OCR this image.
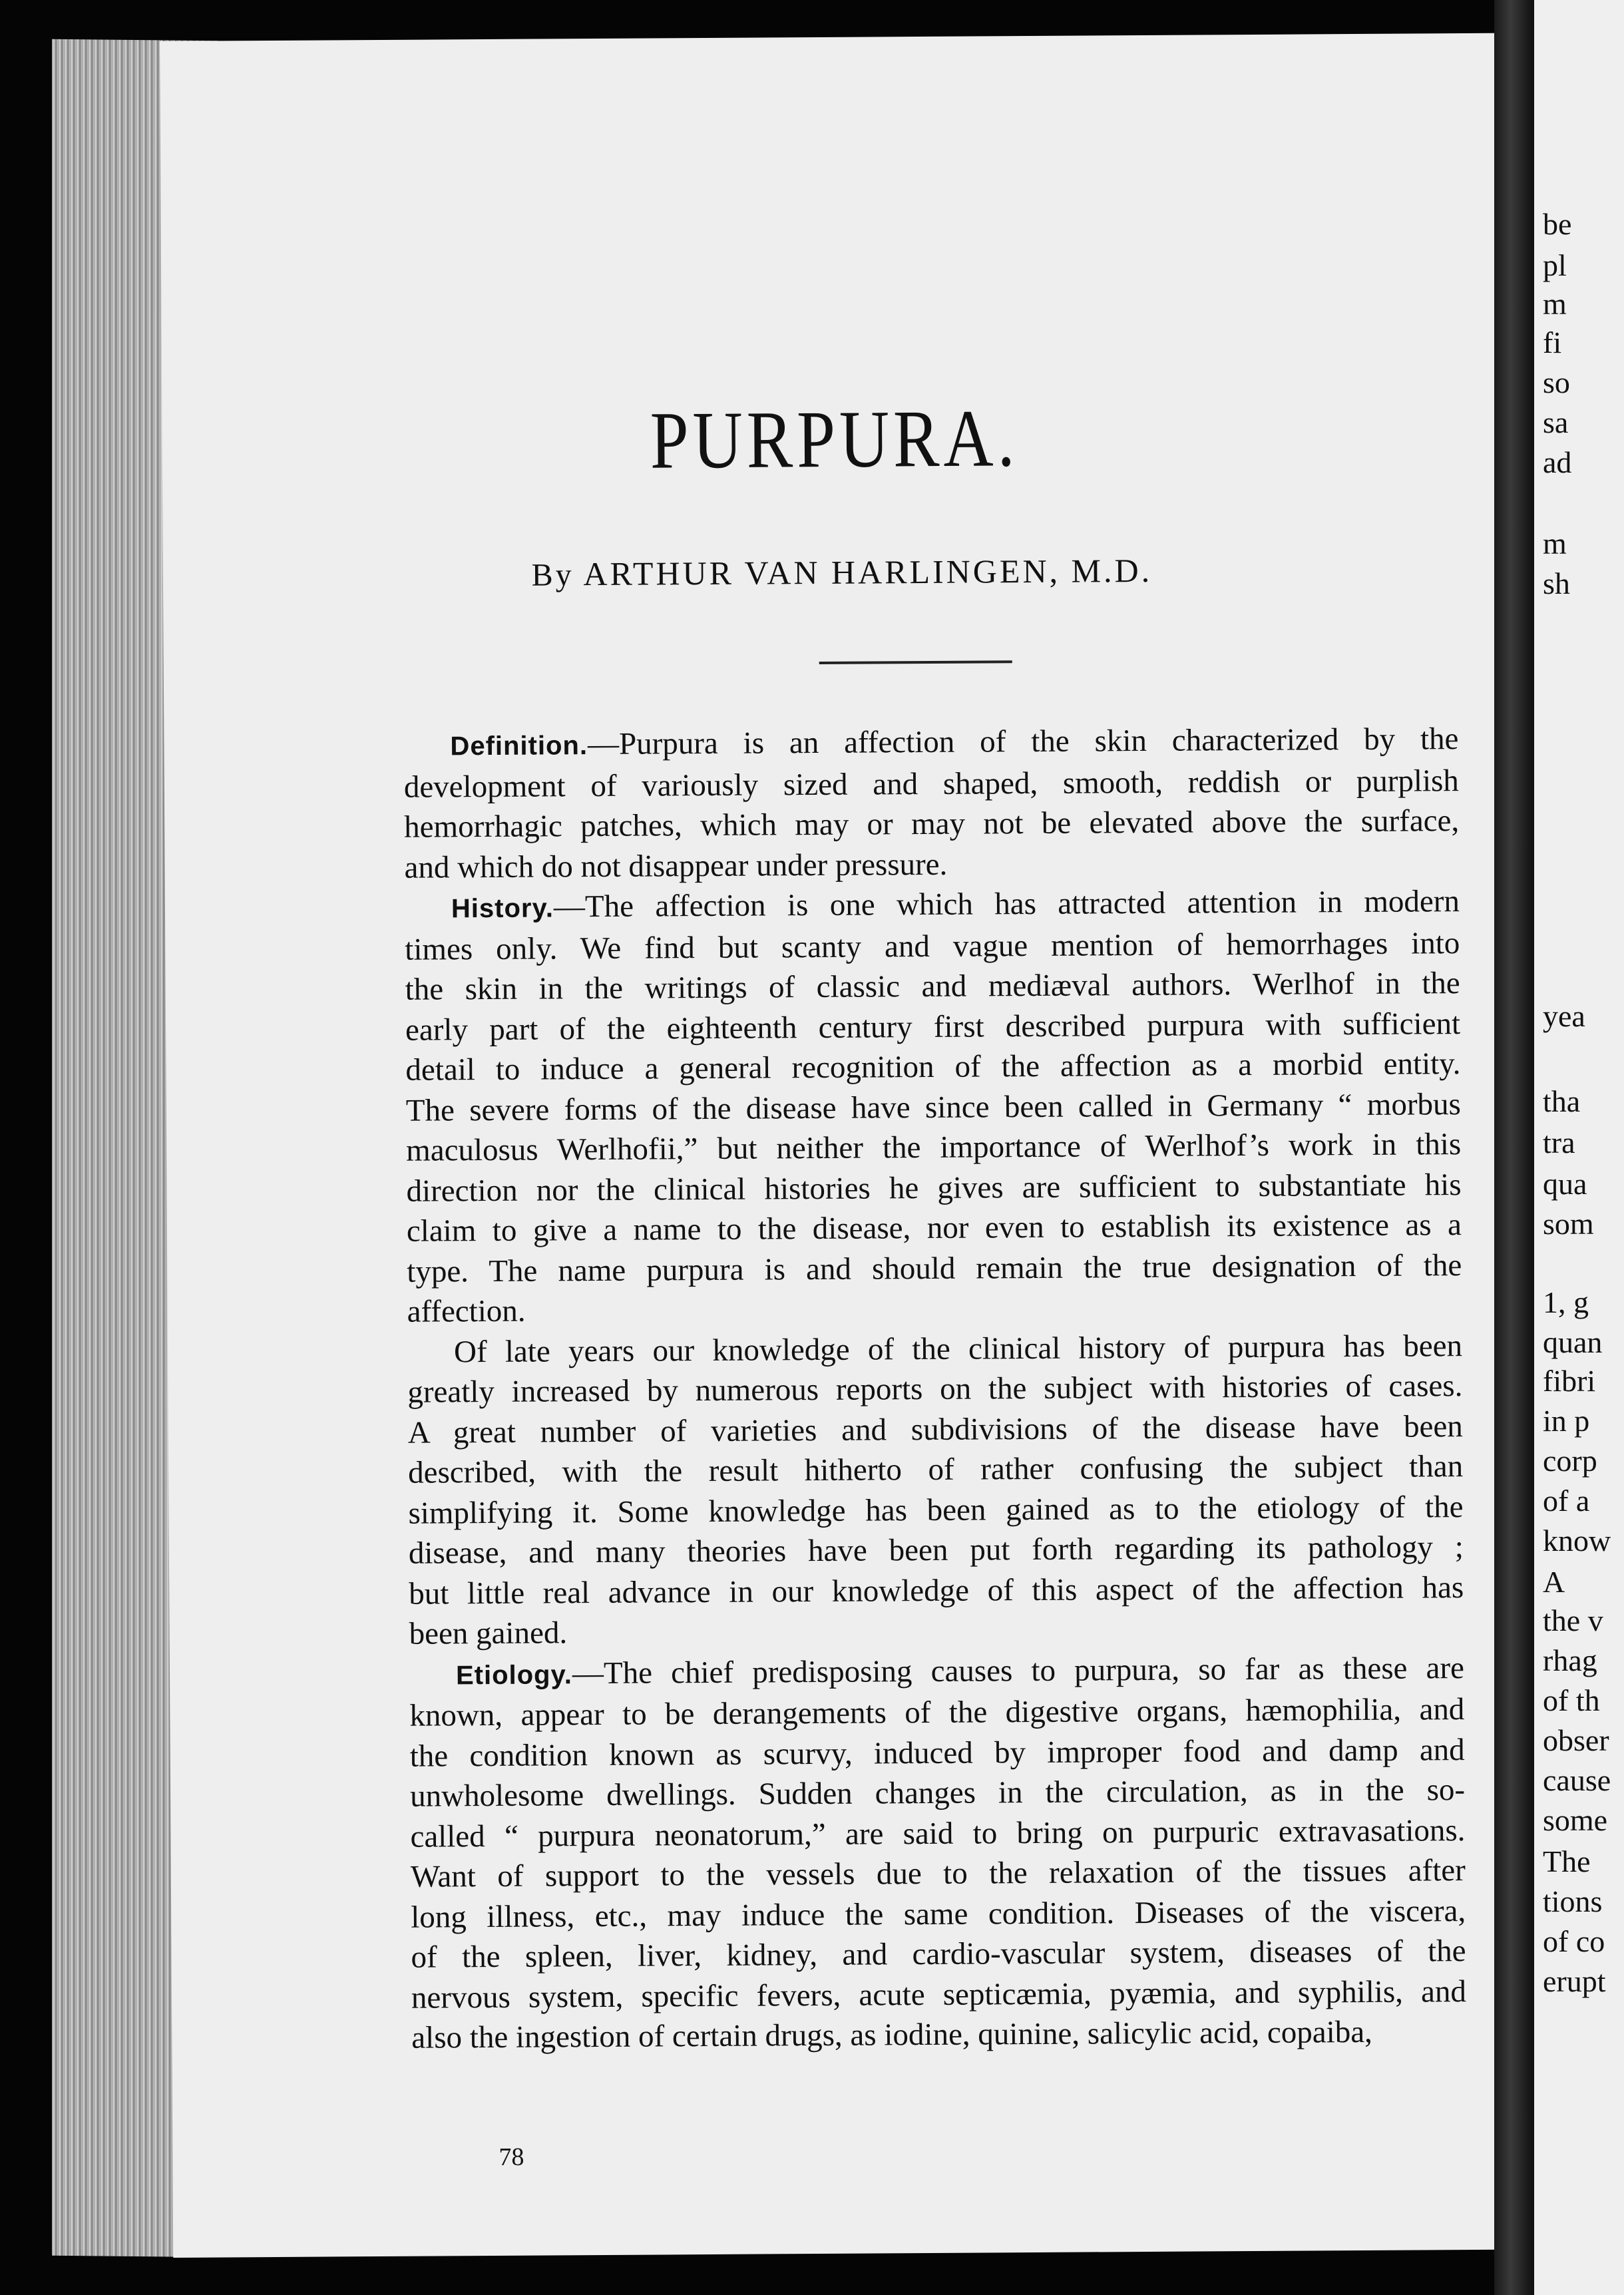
PURPURA.
By ARTHUR VAN HARLINGEN, M.D.
Definition.—Purpura is an affection of the skin characterized by the
development of variously sized and shaped, smooth, reddish or purplish
hemorrhagic patches, which may or may not be elevated above the surface,
and which do not disappear under pressure.
History.—The affection is one which has attracted attention in modern
times only. We find but scanty and vague mention of hemorrhages into
the skin in the writings of classic and mediæval authors. Werlhof in the
early part of the eighteenth century first described purpura with sufficient
detail to induce a general recognition of the affection as a morbid entity.
The severe forms of the disease have since been called in Germany “ morbus
maculosus Werlhofii,” but neither the importance of Werlhof’s work in this
direction nor the clinical histories he gives are sufficient to substantiate his
claim to give a name to the disease, nor even to establish its existence as a
type. The name purpura is and should remain the true designation of the
affection.
Of late years our knowledge of the clinical history of purpura has been
greatly increased by numerous reports on the subject with histories of cases.
A great number of varieties and subdivisions of the disease have been
described, with the result hitherto of rather confusing the subject than
simplifying it. Some knowledge has been gained as to the etiology of the
disease, and many theories have been put forth regarding its pathology ;
but little real advance in our knowledge of this aspect of the affection has
been gained.
Etiology.—The chief predisposing causes to purpura, so far as these are
known, appear to be derangements of the digestive organs, hæmophilia, and
the condition known as scurvy, induced by improper food and damp and
unwholesome dwellings. Sudden changes in the circulation, as in the so-
called “ purpura neonatorum,” are said to bring on purpuric extravasations.
Want of support to the vessels due to the relaxation of the tissues after
long illness, etc., may induce the same condition. Diseases of the viscera,
of the spleen, liver, kidney, and cardio-vascular system, diseases of the
nervous system, specific fevers, acute septicæmia, pyæmia, and syphilis, and
also the ingestion of certain drugs, as iodine, quinine, salicylic acid, copaiba,
78
be
pl
m
fi
so
sa
ad
m
sh
yea
tha
tra
qua
som
1, g
quan
fibri
in p
corp
of a
know
A
the v
rhag
of th
obser
cause
some
The
tions
of co
erupt
